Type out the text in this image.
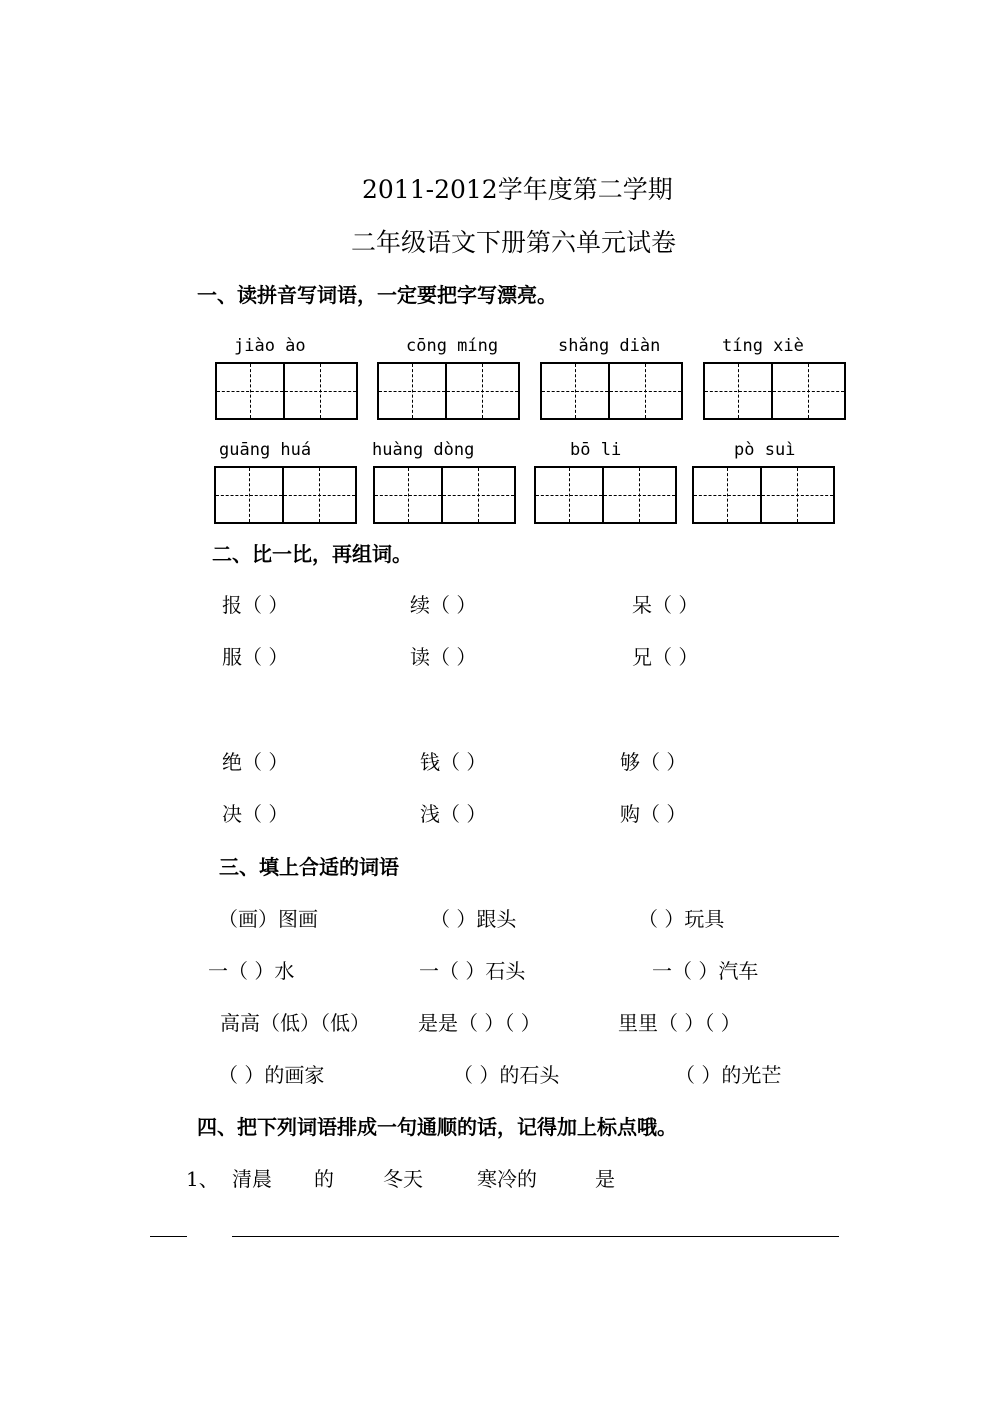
2011-2012学年度第二学期
二年级语文下册第六单元试卷
一、读拼音写词语，一定要把字写漂亮。
jiào ào	cōng míng	shǎng diàn	tíng xiè
guāng huá	huàng dòng	bō li	pò suì
二、比一比，再组词。
报（ ）	续（ ）	呆（ ）
服（ ）	读（ ）	兄（ ）
绝（ ）	钱（ ）	够（ ）
决（ ）	浅（ ）	购（ ）
三、填上合适的词语
（画）图画	（ ）跟头	（ ）玩具
一（ ）水	一（ ）石头	一（ ）汽车
高高（低）（低） 是是（ ）（ ）	里里（ ）（ ）
（ ）的画家	（ ）的石头	（ ）的光芒
四、把下列词语排成一句通顺的话，记得加上标点哦。
1、 清晨 的 冬天	寒冷的	是
